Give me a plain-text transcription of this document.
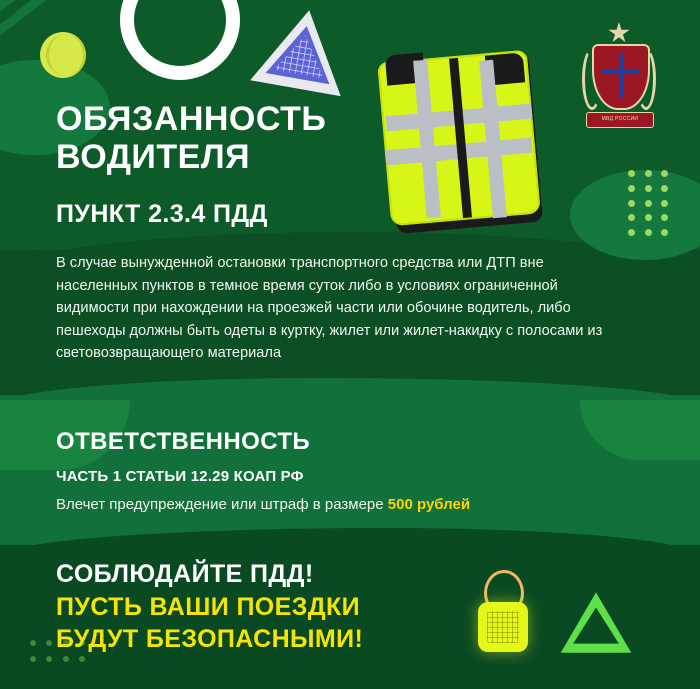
МВД РОССИИ
ОБЯЗАННОСТЬ ВОДИТЕЛЯ
ПУНКТ 2.3.4 ПДД
В случае вынужденной остановки транспортного средства или ДТП вне населенных пунктов в темное время суток либо в условиях ограниченной видимости при нахождении на проезжей части или обочине водитель, либо пешеходы должны быть одеты в куртку, жилет или жилет-накидку с полосами из световозвращающего материала
ОТВЕТСТВЕННОСТЬ
ЧАСТЬ 1 СТАТЬИ 12.29 КОАП РФ
Влечет предупреждение или штраф в размере 500 рублей
СОБЛЮДАЙТЕ ПДД!
ПУСТЬ ВАШИ ПОЕЗДКИ
БУДУТ БЕЗОПАСНЫМИ!
